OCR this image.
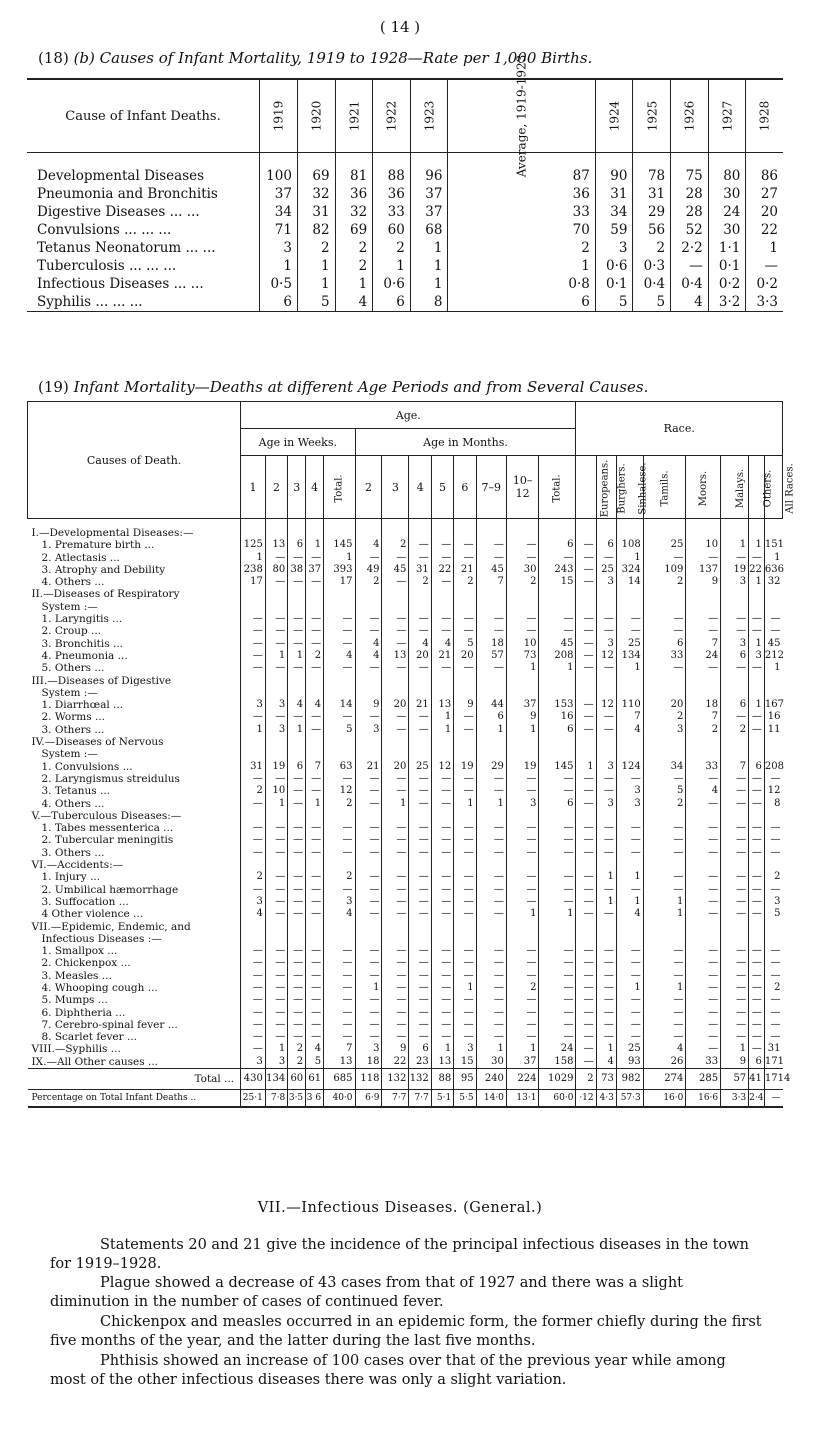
( 14 )
(18) (b) Causes of Infant Mortality, 1919 to 1928—Rate per 1,000 Births.
Cause of Infant Deaths.	1919	1920	1921	1922	1923	Average, 1919-1923	1924	1925	1926	1927	1928

Developmental Diseases	100	69	81	88	96	87	90	78	75	80	86
Pneumonia and Bronchitis	37	32	36	36	37	36	31	31	28	30	27
Digestive Diseases ... ...	34	31	32	33	37	33	34	29	28	24	20
Convulsions ... ... ...	71	82	69	60	68	70	59	56	52	30	22
Tetanus Neonatorum ... ...	3	2	2	2	1	2	3	2	2·2	1·1	1
Tuberculosis ... ... ...	1	1	2	1	1	1	0·6	0·3	—	0·1	—
Infectious Diseases ... ...	0·5	1	1	0·6	1	0·8	0·1	0·4	0·4	0·2	0·2
Syphilis ... ... ...	6	5	4	6	8	6	5	5	4	3·2	3·3
(19) Infant Mortality—Deaths at different Age Periods and from Several Causes.
Causes of Death.	Age.													Race.							
	Age in Weeks.					Age in Months.															
	1	2	3	4	Total.	2	3	4	5	6	7–9	10–12	Total.	Europeans.	Burghers.	Sinhalese.	Tamils.	Moors.	Malays.	Others.	All Races.

I.—Developmental Diseases:—																					
1. Premature birth ...	125	13	6	1	145	4	2	—	—	—	—	—	6	—	6	108	25	10	1	1	151
2. Atlectasis ...	1	—	—	—	1	—	—	—	—	—	—	—	—	—	—	1	—	—	—	—	1
3. Atrophy and Debility	238	80	38	37	393	49	45	31	22	21	45	30	243	—	25	324	109	137	19	22	636
4. Others ...	17	—	—	—	17	2	—	2	—	2	7	2	15	—	3	14	2	9	3	1	32
II.—Diseases of Respiratory																					
System :—																					
1. Laryngitis ...	—	—	—	—	—	—	—	—	—	—	—	—	—	—	—	—	—	—	—	—	—
2. Croup ...	—	—	—	—	—	—	—	—	—	—	—	—	—	—	—	—	—	—	—	—	—
3. Bronchitis ...	—	—	—	—	—	4	—	4	4	5	18	10	45	—	3	25	6	7	3	1	45
4. Pneumonia ...	—	1	1	2	4	4	13	20	21	20	57	73	208	—	12	134	33	24	6	3	212
5. Others ...	—	—	—	—	—	—	—	—	—	—	—	1	1	—	—	1	—	—	—	—	1
III.—Diseases of Digestive																					
System :—																					
1. Diarrhœal ...	3	3	4	4	14	9	20	21	13	9	44	37	153	—	12	110	20	18	6	1	167
2. Worms ...	—	—	—	—	—	—	—	—	1	—	6	9	16	—	—	7	2	7	—	—	16
3. Others ...	1	3	1	—	5	3	—	—	1	—	1	1	6	—	—	4	3	2	2	—	11
IV.—Diseases of Nervous																					
System :—																					
1. Convulsions ...	31	19	6	7	63	21	20	25	12	19	29	19	145	1	3	124	34	33	7	6	208
2. Laryngismus streidulus	—	—	—	—	—	—	—	—	—	—	—	—	—	—	—	—	—	—	—	—	—
3. Tetanus ...	2	10	—	—	12	—	—	—	—	—	—	—	—	—	—	3	5	4	—	—	12
4. Others ...	—	1	—	1	2	—	1	—	—	1	1	3	6	—	3	3	2	—	—	—	8
V.—Tuberculous Diseases:—																					
1. Tabes messenterica ...	—	—	—	—	—	—	—	—	—	—	—	—	—	—	—	—	—	—	—	—	—
2. Tubercular meningitis	—	—	—	—	—	—	—	—	—	—	—	—	—	—	—	—	—	—	—	—	—
3. Others ...	—	—	—	—	—	—	—	—	—	—	—	—	—	—	—	—	—	—	—	—	—
VI.—Accidents:—																					
1. Injury ...	2	—	—	—	2	—	—	—	—	—	—	—	—	—	1	1	—	—	—	—	2
2. Umbilical hæmorrhage	—	—	—	—	—	—	—	—	—	—	—	—	—	—	—	—	—	—	—	—	—
3. Suffocation ...	3	—	—	—	3	—	—	—	—	—	—	—	—	—	1	1	1	—	—	—	3
4 Other violence ...	4	—	—	—	4	—	—	—	—	—	—	1	1	—	—	4	1	—	—	—	5
VII.—Epidemic, Endemic, and																					
Infectious Diseases :—																					
1. Smallpox ...	—	—	—	—	—	—	—	—	—	—	—	—	—	—	—	—	—	—	—	—	—
2. Chickenpox ...	—	—	—	—	—	—	—	—	—	—	—	—	—	—	—	—	—	—	—	—	—
3. Measles ...	—	—	—	—	—	—	—	—	—	—	—	—	—	—	—	—	—	—	—	—	—
4. Whooping cough ...	—	—	—	—	—	1	—	—	—	1	—	2	—	—	—	1	1	—	—	—	2
5. Mumps ...	—	—	—	—	—	—	—	—	—	—	—	—	—	—	—	—	—	—	—	—	—
6. Diphtheria ...	—	—	—	—	—	—	—	—	—	—	—	—	—	—	—	—	—	—	—	—	—
7. Cerebro-spinal fever ...	—	—	—	—	—	—	—	—	—	—	—	—	—	—	—	—	—	—	—	—	—
8. Scarlet fever ...	—	—	—	—	—	—	—	—	—	—	—	—	—	—	—	—	—	—	—	—	—
VIII.—Syphilis ...	—	1	2	4	7	3	9	6	1	3	1	1	24	—	1	25	4	—	1	—	31
IX.—All Other causes ...	3	3	2	5	13	18	22	23	13	15	30	37	158	—	4	93	26	33	9	6	171
Total ...	430	134	60	61	685	118	132	132	88	95	240	224	1029	2	73	982	274	285	57	41	1714
Percentage on Total Infant Deaths ..	25·1	7·8	3·5	3 6	40·0	6·9	7·7	7·7	5·1	5·5	14·0	13·1	60·0	·12	4·3	57·3	16·0	16·6	3·3	2·4	—
VII.—Infectious Diseases. (General.)
Statements 20 and 21 give the incidence of the principal infectious diseases in the town for 1919–1928.
Plague showed a decrease of 43 cases from that of 1927 and there was a slight diminution in the number of cases of continued fever.
Chickenpox and measles occurred in an epidemic form, the former chiefly during the first five months of the year, and the latter during the last five months.
Phthisis showed an increase of 100 cases over that of the previous year while among most of the other infectious diseases there was only a slight variation.
